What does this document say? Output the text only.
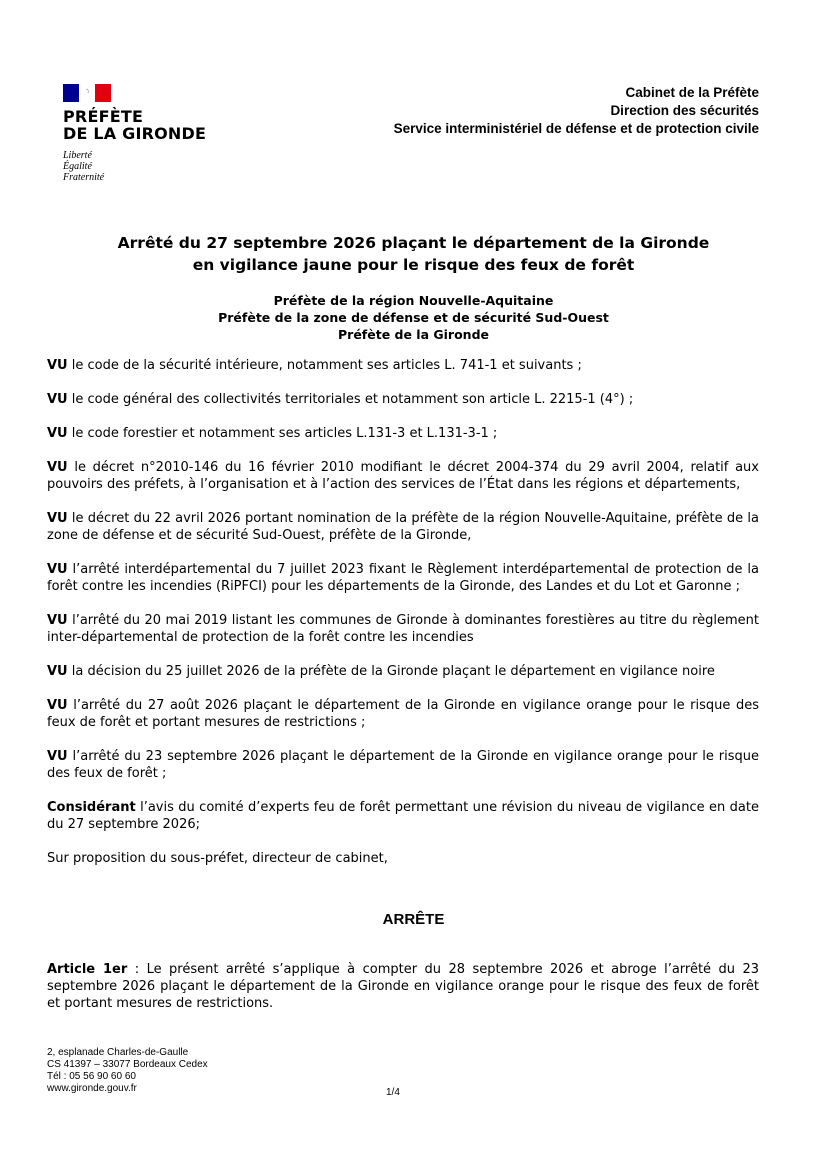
PRÉFÈTE
DE LA GIRONDE
Liberté
Égalité
Fraternité
Cabinet de la Préfète
Direction des sécurités
Service interministériel de défense et de protection civile
Arrêté du 27 septembre 2026 plaçant le département de la Gironde
en vigilance jaune pour le risque des feux de forêt
Préfète de la région Nouvelle-Aquitaine
Préfète de la zone de défense et de sécurité Sud-Ouest
Préfète de la Gironde

VU le code de la sécurité intérieure, notamment ses articles L. 741-1 et suivants ;

VU le code général des collectivités territoriales et notamment son article L. 2215-1 (4°) ;

VU le code forestier et notamment ses articles L.131-3 et L.131-3-1 ;

VU le décret n°2010-146 du 16 février 2010 modifiant le décret 2004-374 du 29 avril 2004, relatif aux pouvoirs des préfets, à l’organisation et à l’action des services de l’État dans les régions et départements,

VU le décret du 22 avril 2026 portant nomination de la préfète de la région Nouvelle-Aquitaine, préfète de la zone de défense et de sécurité Sud-Ouest, préfète de la Gironde,

VU l’arrêté interdépartemental du 7 juillet 2023 fixant le Règlement interdépartemental de protection de la forêt contre les incendies (RiPFCI) pour les départements de la Gironde, des Landes et du Lot et Garonne ;

VU l’arrêté du 20 mai 2019 listant les communes de Gironde à dominantes forestières au titre du règlement inter-départemental de protection de la forêt contre les incendies

VU la décision du 25 juillet 2026 de la préfète de la Gironde plaçant le département en vigilance noire

VU l’arrêté du 27 août 2026 plaçant le département de la Gironde en vigilance orange pour le risque des feux de forêt et portant mesures de restrictions ;

VU l’arrêté du 23 septembre 2026 plaçant le département de la Gironde en vigilance orange pour le risque des feux de forêt ;

Considérant l’avis du comité d’experts feu de forêt permettant une révision du niveau de vigilance en date du 27 septembre 2026;

Sur proposition du sous-préfet, directeur de cabinet,

ARRÊTE

Article 1er : Le présent arrêté s’applique à compter du 28 septembre 2026 et abroge l’arrêté du 23 septembre 2026 plaçant le département de la Gironde en vigilance orange pour le risque des feux de forêt et portant mesures de restrictions.

2, esplanade Charles-de-Gaulle
CS 41397 – 33077 Bordeaux Cedex
Tél : 05 56 90 60 60
www.gironde.gouv.fr	1/4
